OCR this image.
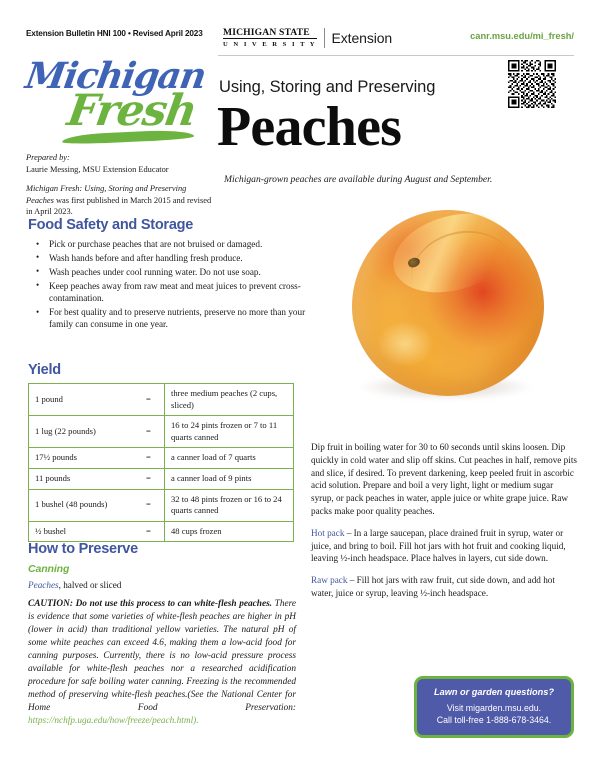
Extension Bulletin HNI 100 • Revised April 2023 MICHIGAN STATE
U N I V E R S I T Y Extension	canr.msu.edu/mi_fresh/
Michigan
Fresh
Prepared by:
Laurie Messing, MSU Extension Educator
Michigan Fresh: Using, Storing and Preserving Peaches was first published in March 2015 and revised in April 2023.
Using, Storing and Preserving
Peaches
Michigan-grown peaches are available during August and September.
Food Safety and Storage
• Pick or purchase peaches that are not bruised or damaged.
• Wash hands before and after handling fresh produce.
• Wash peaches under cool running water. Do not use soap.
• Keep peaches away from raw meat and meat juices to prevent cross-contamination.
• For best quality and to preserve nutrients, preserve no more than your family can consume in one year.
Yield
1 pound	=	three medium peaches (2 cups, sliced)
1 lug (22 pounds)	=	16 to 24 pints frozen or 7 to 11 quarts canned
17½ pounds	=	a canner load of 7 quarts
11 pounds	=	a canner load of 9 pints
1 bushel (48 pounds)	=	32 to 48 pints frozen or 16 to 24 quarts canned
½ bushel	=	48 cups frozen
How to Preserve
Canning
Peaches, halved or sliced
CAUTION: Do not use this process to can white-flesh peaches. There is evidence that some varieties of white-flesh peaches are higher in pH (lower in acid) than traditional yellow varieties. The natural pH of some white peaches can exceed 4.6, making them a low-acid food for canning purposes. Currently, there is no low-acid pressure process available for white-flesh peaches nor a researched acidification procedure for safe boiling water canning. Freezing is the recommended method of preserving white-flesh peaches.(See the National Center for Home Food Preservation: https://nchfp.uga.edu/how/freeze/peach.html).

Dip fruit in boiling water for 30 to 60 seconds until skins loosen. Dip quickly in cold water and slip off skins. Cut peaches in half, remove pits and slice, if desired. To prevent darkening, keep peeled fruit in ascorbic acid solution. Prepare and boil a very light, light or medium sugar syrup, or pack peaches in water, apple juice or white grape juice. Raw packs make poor quality peaches.

Hot pack – In a large saucepan, place drained fruit in syrup, water or juice, and bring to boil. Fill hot jars with hot fruit and cooking liquid, leaving ½-inch headspace. Place halves in layers, cut side down.

Raw pack – Fill hot jars with raw fruit, cut side down, and add hot water, juice or syrup, leaving ½-inch headspace.

Lawn or garden questions?
Visit migarden.msu.edu.
Call toll-free 1-888-678-3464.
